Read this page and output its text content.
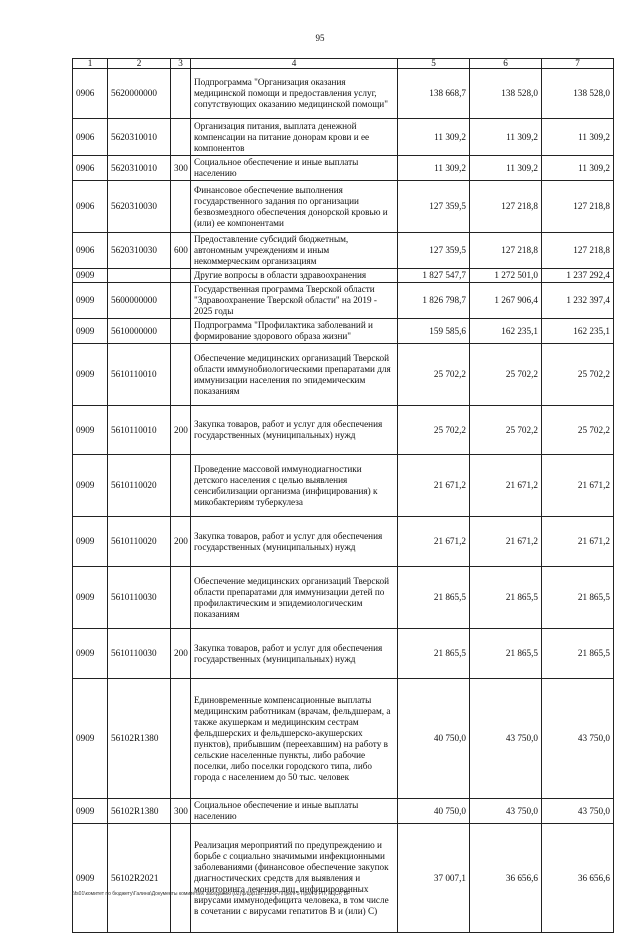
95
1	2	3	4	5	6	7
0906	5620000000		Подпрограмма "Организация оказания медицинской помощи и предоставления услуг, сопутствующих оказанию медицинской помощи"	138 668,7	138 528,0	138 528,0
0906	5620310010		Организация питания, выплата денежной компенсации на питание донорам крови и ее компонентов	11 309,2	11 309,2	11 309,2
0906	5620310010	300	Социальное обеспечение и иные выплаты населению	11 309,2	11 309,2	11 309,2
0906	5620310030		Финансовое обеспечение выполнения государственного задания по организации безвозмездного обеспечения донорской кровью и (или) ее компонентами	127 359,5	127 218,8	127 218,8
0906	5620310030	600	Предоставление субсидий бюджетным, автономным учреждениям и иным некоммерческим организациям	127 359,5	127 218,8	127 218,8
0909			Другие вопросы в области здравоохранения	1 827 547,7	1 272 501,0	1 237 292,4
0909	5600000000		Государственная программа Тверской области "Здравоохранение Тверской области" на 2019 - 2025 годы	1 826 798,7	1 267 906,4	1 232 397,4
0909	5610000000		Подпрограмма "Профилактика заболеваний и формирование здорового образа жизни"	159 585,6	162 235,1	162 235,1
0909	5610110010		Обеспечение медицинских организаций Тверской области иммунобиологическими препаратами для иммунизации населения по эпидемическим показаниям	25 702,2	25 702,2	25 702,2
0909	5610110010	200	Закупка товаров, работ и услуг для обеспечения государственных (муниципальных) нужд	25 702,2	25 702,2	25 702,2
0909	5610110020		Проведение массовой иммунодиагностики детского населения с целью выявления сенсибилизации организма (инфицирования) к микобактериям туберкулеза	21 671,2	21 671,2	21 671,2
0909	5610110020	200	Закупка товаров, работ и услуг для обеспечения государственных (муниципальных) нужд	21 671,2	21 671,2	21 671,2
0909	5610110030		Обеспечение медицинских организаций Тверской области препаратами для иммунизации детей по профилактическим и эпидемиологическим показаниям	21 865,5	21 865,5	21 865,5
0909	5610110030	200	Закупка товаров, работ и услуг для обеспечения государственных (муниципальных) нужд	21 865,5	21 865,5	21 865,5
0909	56102R1380		Единовременные компенсационные выплаты медицинским работникам (врачам, фельдшерам, а также акушеркам и медицинским сестрам фельдшерских и фельдшерско-акушерских пунктов), прибывшим (переехавшим) на работу в сельские населенные пункты, либо рабочие поселки, либо поселки городского типа, либо города с населением до 50 тыс. человек	40 750,0	43 750,0	43 750,0
0909	56102R1380	300	Социальное обеспечение и иные выплаты населению	40 750,0	43 750,0	43 750,0
0909	56102R2021		Реализация мероприятий по предупреждению и борьбе с социально значимыми инфекционными заболеваниями (финансовое обеспечение закупок диагностических средств для выявления и мониторинга лечения лиц, инфицированных вирусами иммунодефицита человека, в том числе в сочетании с вирусами гепатитов В и (или) С)	37 007,1	36 656,6	36 656,6
\\fs01\комитет по бюджету\Галина\Документы комитета\К заседанию (02)\р/цэр18\-119-5-7\Прил. 5 Прил 8 РП, КЦСР, ВР
